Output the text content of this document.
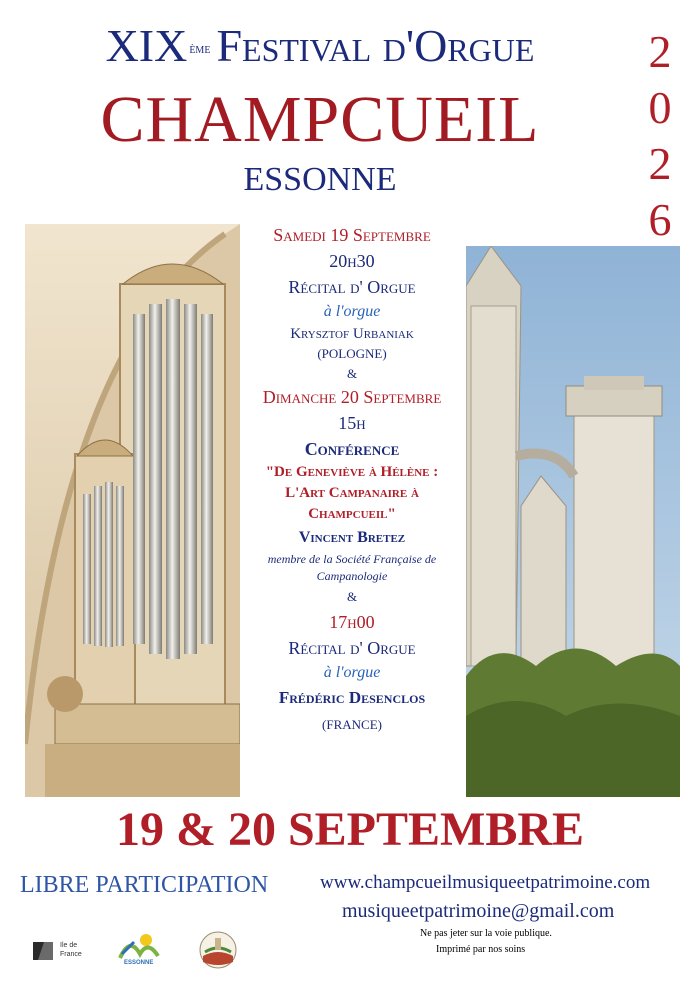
XIX $^{ème}$ Festival d'Orgue
CHAMPCUEIL
ESSONNE
2
0
2
6
Samedi 19 Septembre
20h30
Récital d' Orgue
à l'orgue
Krysztof Urbaniak
(POLOGNE)
&
Dimanche 20 Septembre
15h
Conférence
"De Geneviève à Hélène :
L'Art Campanaire à
Champcueil"
Vincent Bretez
membre de la Société Française de
Campanologie
&
17h00
Récital d' Orgue
à l'orgue
Frédéric Desenclos
(FRANCE)
19 & 20 SEPTEMBRE
LIBRE PARTICIPATION	www.champcueilmusiqueetpatrimoine.com
musiqueetpatrimoine@gmail.com
Ne pas jeter sur la voie publique.
Imprimé par nos soins
Ile de
France
ESSONNE
